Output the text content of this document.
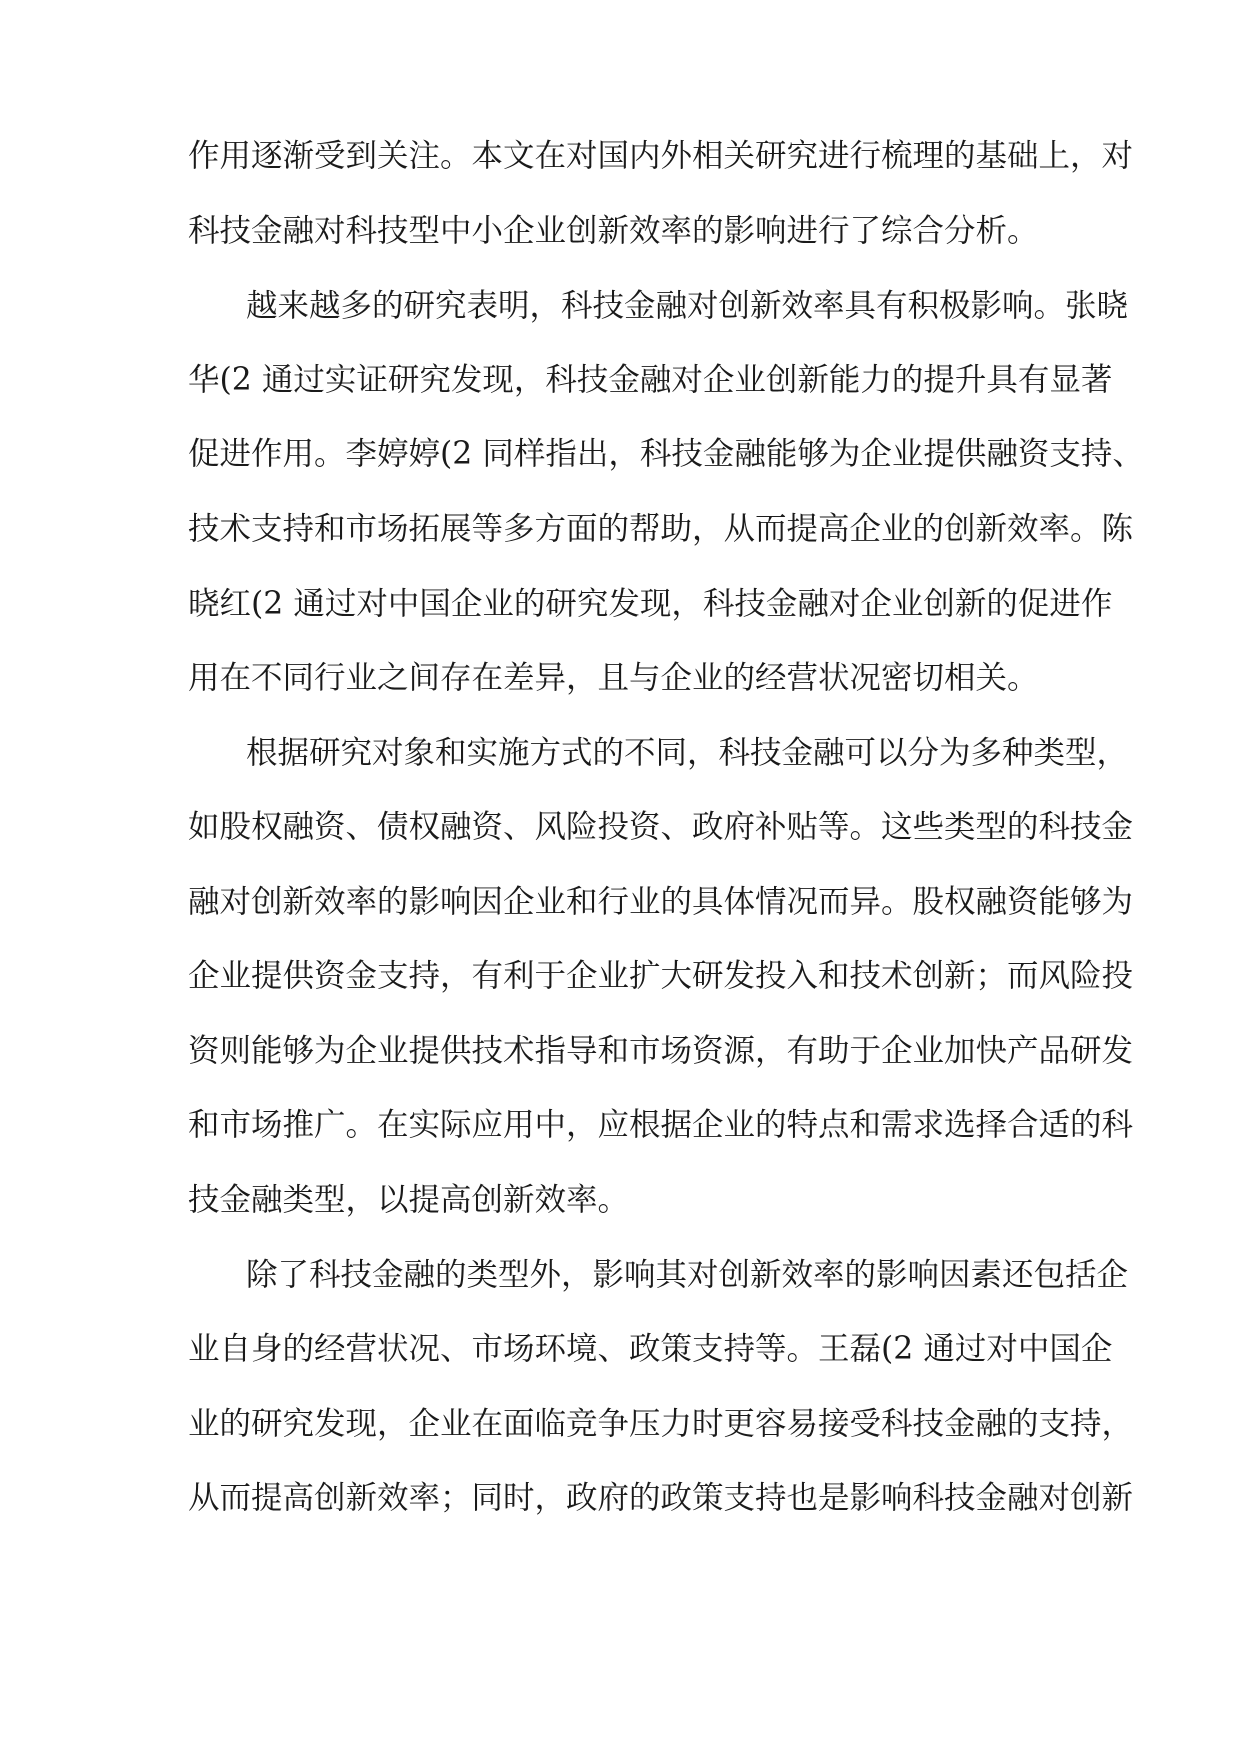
作用逐渐受到关注。本文在对国内外相关研究进行梳理的基础上，对
科技金融对科技型中小企业创新效率的影响进行了综合分析。
越来越多的研究表明，科技金融对创新效率具有积极影响。张晓
华(2 通过实证研究发现，科技金融对企业创新能力的提升具有显著
促进作用。李婷婷(2 同样指出，科技金融能够为企业提供融资支持、
技术支持和市场拓展等多方面的帮助，从而提高企业的创新效率。陈
晓红(2 通过对中国企业的研究发现，科技金融对企业创新的促进作
用在不同行业之间存在差异，且与企业的经营状况密切相关。
根据研究对象和实施方式的不同，科技金融可以分为多种类型，
如股权融资、债权融资、风险投资、政府补贴等。这些类型的科技金
融对创新效率的影响因企业和行业的具体情况而异。股权融资能够为
企业提供资金支持，有利于企业扩大研发投入和技术创新；而风险投
资则能够为企业提供技术指导和市场资源，有助于企业加快产品研发
和市场推广。在实际应用中，应根据企业的特点和需求选择合适的科
技金融类型，以提高创新效率。
除了科技金融的类型外，影响其对创新效率的影响因素还包括企
业自身的经营状况、市场环境、政策支持等。王磊(2 通过对中国企
业的研究发现，企业在面临竞争压力时更容易接受科技金融的支持，
从而提高创新效率；同时，政府的政策支持也是影响科技金融对创新
